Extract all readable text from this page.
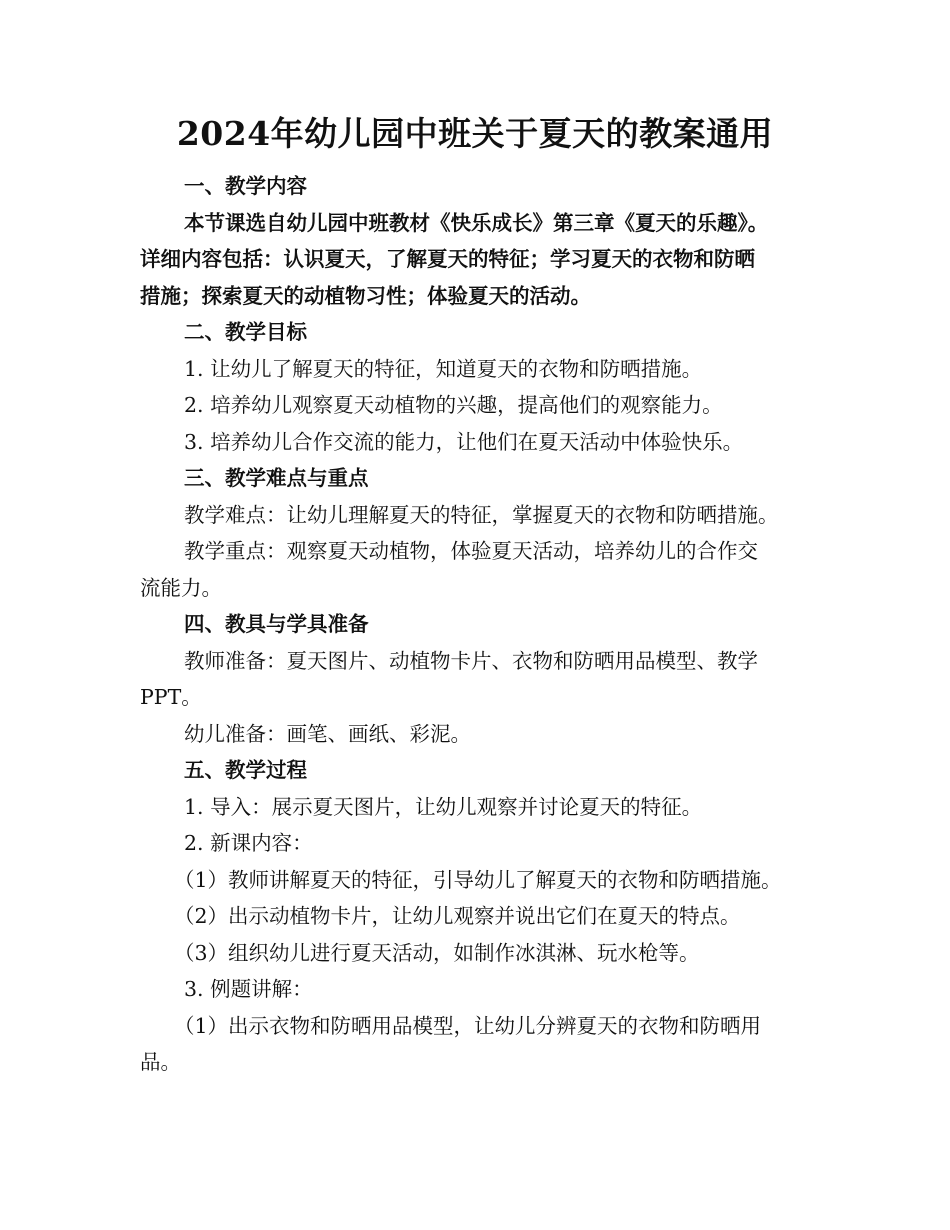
2024年幼儿园中班关于夏天的教案通用

一、教学内容

本节课选自幼儿园中班教材《快乐成长》第三章《夏天的乐趣》。

详细内容包括：认识夏天，了解夏天的特征；学习夏天的衣物和防晒

措施；探索夏天的动植物习性；体验夏天的活动。

二、教学目标

1. 让幼儿了解夏天的特征，知道夏天的衣物和防晒措施。

2. 培养幼儿观察夏天动植物的兴趣，提高他们的观察能力。

3. 培养幼儿合作交流的能力，让他们在夏天活动中体验快乐。

三、教学难点与重点

教学难点：让幼儿理解夏天的特征，掌握夏天的衣物和防晒措施。

教学重点：观察夏天动植物，体验夏天活动，培养幼儿的合作交

流能力。

四、教具与学具准备

教师准备：夏天图片、动植物卡片、衣物和防晒用品模型、教学

PPT。

幼儿准备：画笔、画纸、彩泥。

五、教学过程

1. 导入：展示夏天图片，让幼儿观察并讨论夏天的特征。

2. 新课内容：

（1）教师讲解夏天的特征，引导幼儿了解夏天的衣物和防晒措施。

（2）出示动植物卡片，让幼儿观察并说出它们在夏天的特点。

（3）组织幼儿进行夏天活动，如制作冰淇淋、玩水枪等。

3. 例题讲解：

（1）出示衣物和防晒用品模型，让幼儿分辨夏天的衣物和防晒用

品。
